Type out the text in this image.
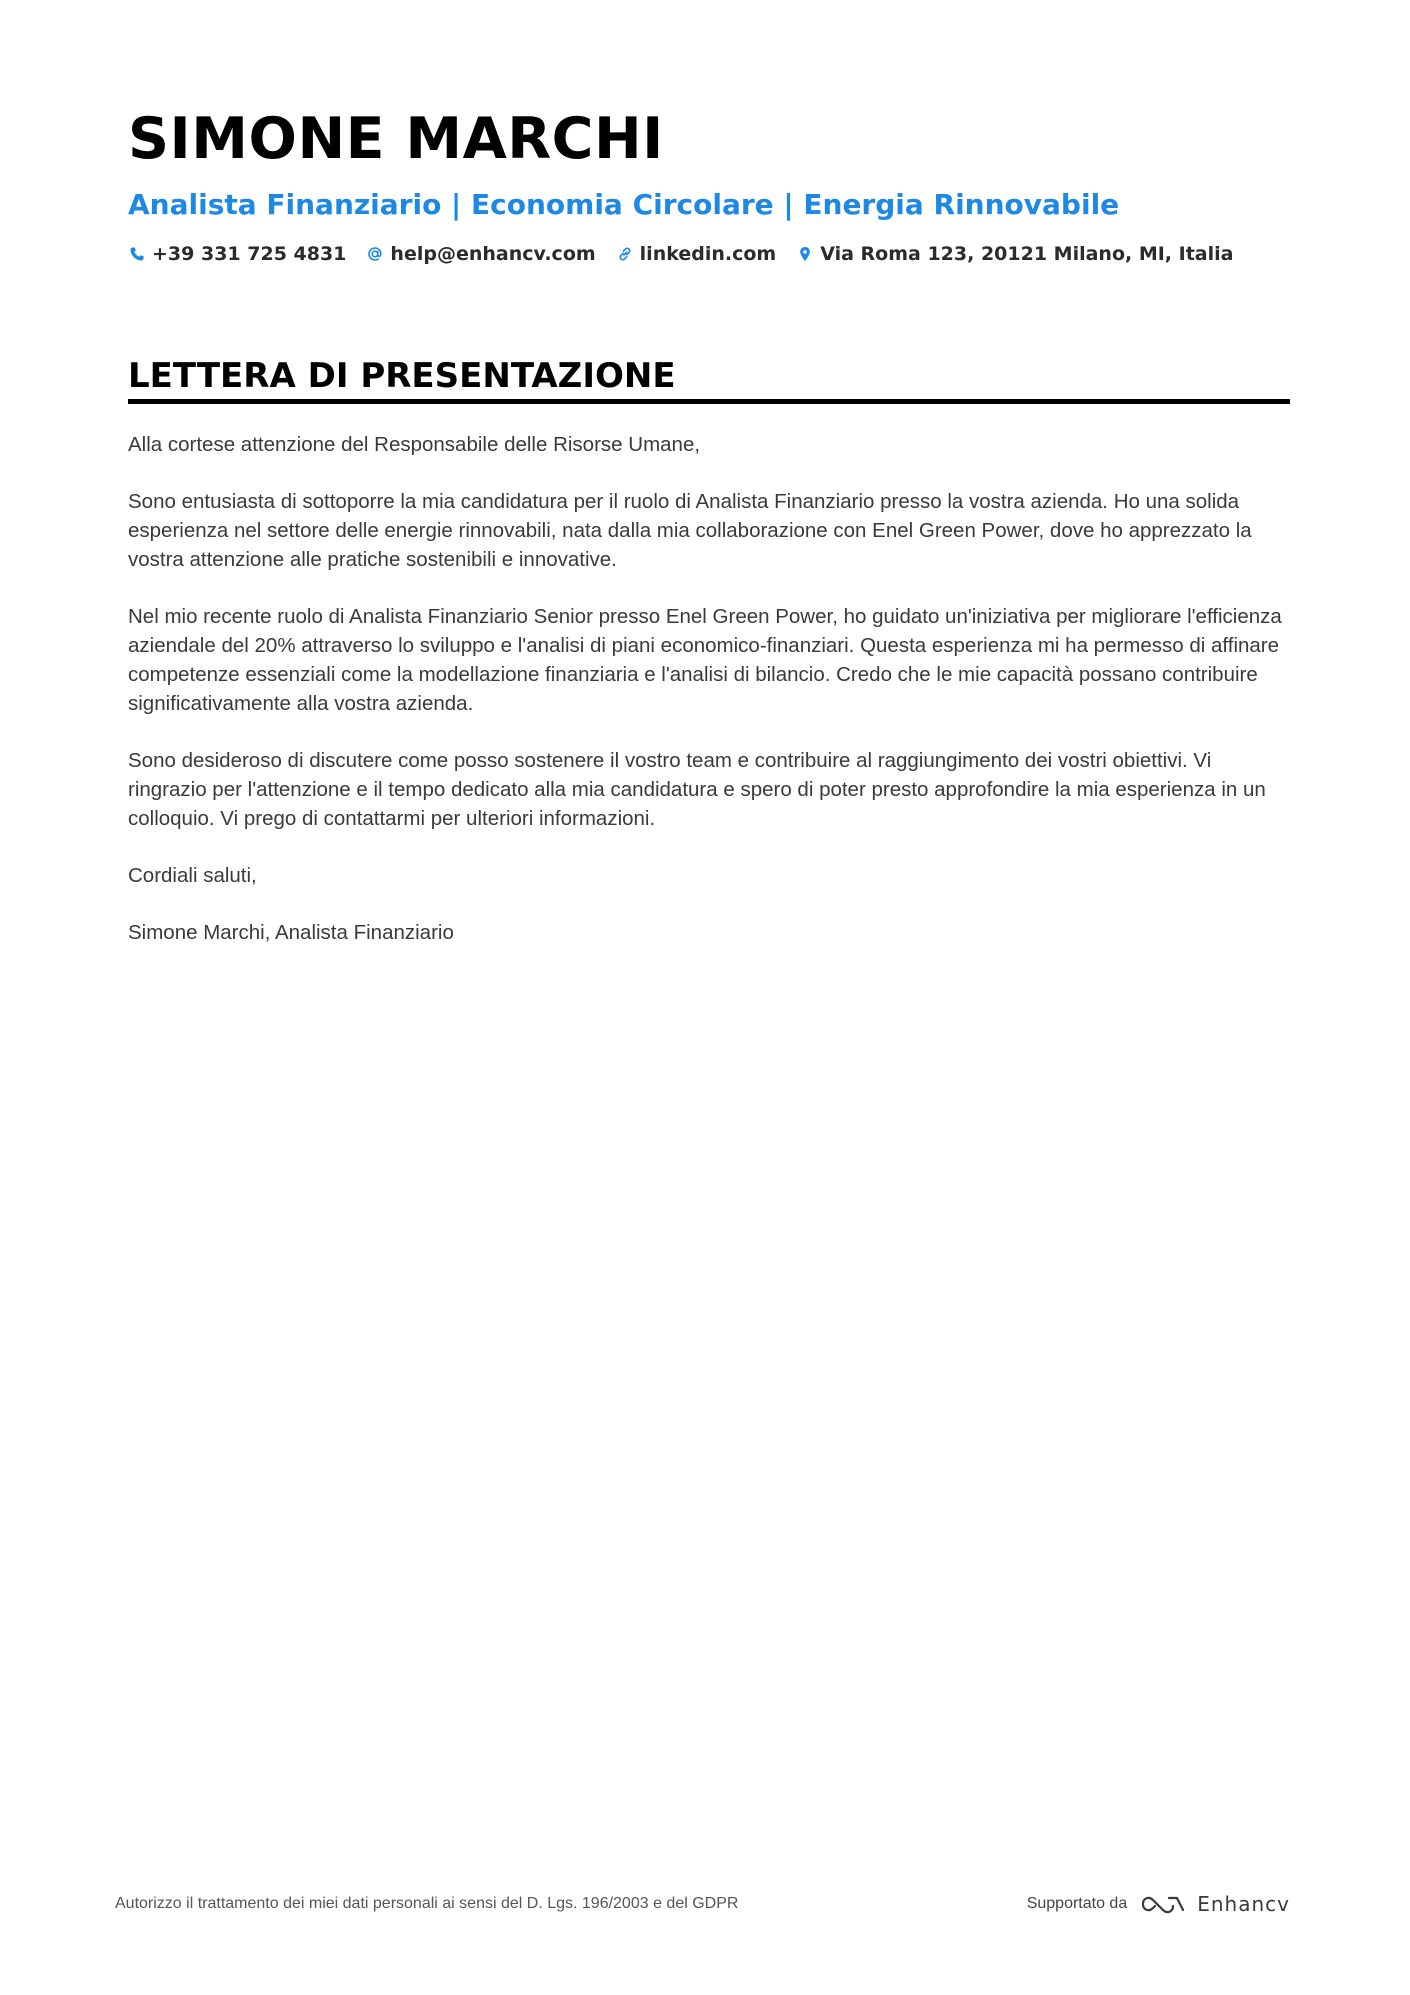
SIMONE MARCHI
Analista Finanziario | Economia Circolare | Energia Rinnovabile
+39 331 725 4831 help@enhancv.com linkedin.com Via Roma 123, 20121 Milano, MI, Italia
LETTERA DI PRESENTAZIONE

Alla cortese attenzione del Responsabile delle Risorse Umane,

Sono entusiasta di sottoporre la mia candidatura per il ruolo di Analista Finanziario presso la vostra azienda. Ho una solida esperienza nel settore delle energie rinnovabili, nata dalla mia collaborazione con Enel Green Power, dove ho apprezzato la vostra attenzione alle pratiche sostenibili e innovative.

Nel mio recente ruolo di Analista Finanziario Senior presso Enel Green Power, ho guidato un'iniziativa per migliorare l'efficienza aziendale del 20% attraverso lo sviluppo e l'analisi di piani economico-finanziari. Questa esperienza mi ha permesso di affinare competenze essenziali come la modellazione finanziaria e l'analisi di bilancio. Credo che le mie capacità possano contribuire significativamente alla vostra azienda.

Sono desideroso di discutere come posso sostenere il vostro team e contribuire al raggiungimento dei vostri obiettivi. Vi ringrazio per l'attenzione e il tempo dedicato alla mia candidatura e spero di poter presto approfondire la mia esperienza in un colloquio. Vi prego di contattarmi per ulteriori informazioni.

Cordiali saluti,

Simone Marchi, Analista Finanziario

Autorizzo il trattamento dei miei dati personali ai sensi del D. Lgs. 196/2003 e del GDPR	Supportato da	Enhancv
